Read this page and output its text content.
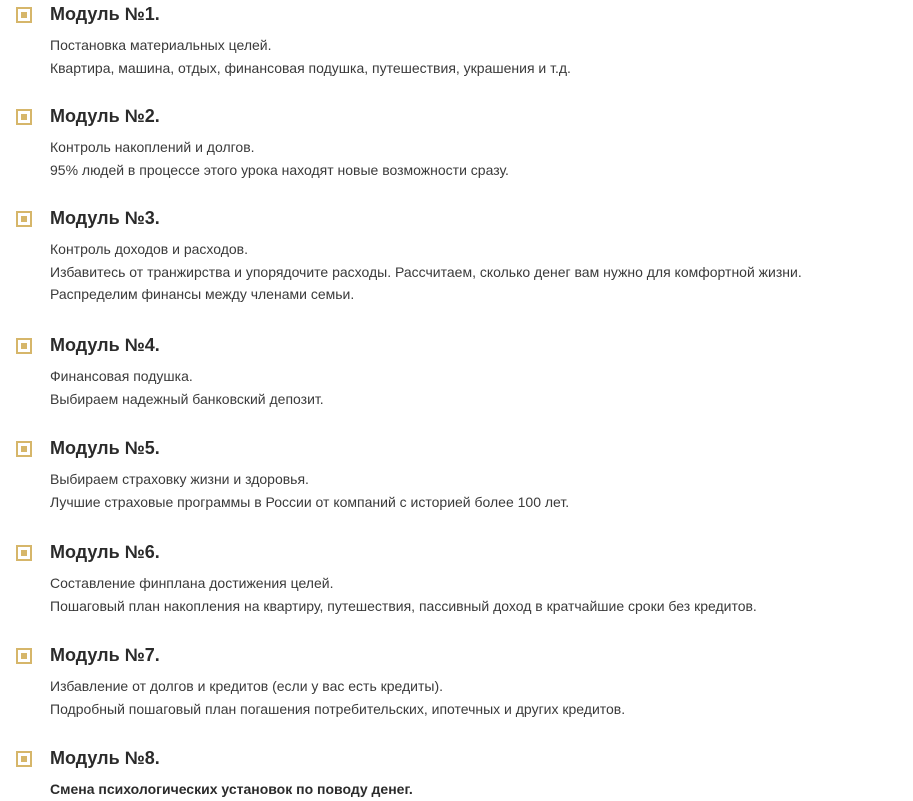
Модуль №1.
Постановка материальных целей.
Квартира, машина, отдых, финансовая подушка, путешествия, украшения и т.д.
Модуль №2.
Контроль накоплений и долгов.
95% людей в процессе этого урока находят новые возможности сразу.
Модуль №3.
Контроль доходов и расходов.
Избавитесь от транжирства и упорядочите расходы. Рассчитаем, сколько денег вам нужно для комфортной жизни.
Распределим финансы между членами семьи.
Модуль №4.
Финансовая подушка.
Выбираем надежный банковский депозит.
Модуль №5.
Выбираем страховку жизни и здоровья.
Лучшие страховые программы в России от компаний с историей более 100 лет.
Модуль №6.
Составление финплана достижения целей.
Пошаговый план накопления на квартиру, путешествия, пассивный доход в кратчайшие сроки без кредитов.
Модуль №7.
Избавление от долгов и кредитов (если у вас есть кредиты).
Подробный пошаговый план погашения потребительских, ипотечных и других кредитов.
Модуль №8.
Смена психологических установок по поводу денег.
